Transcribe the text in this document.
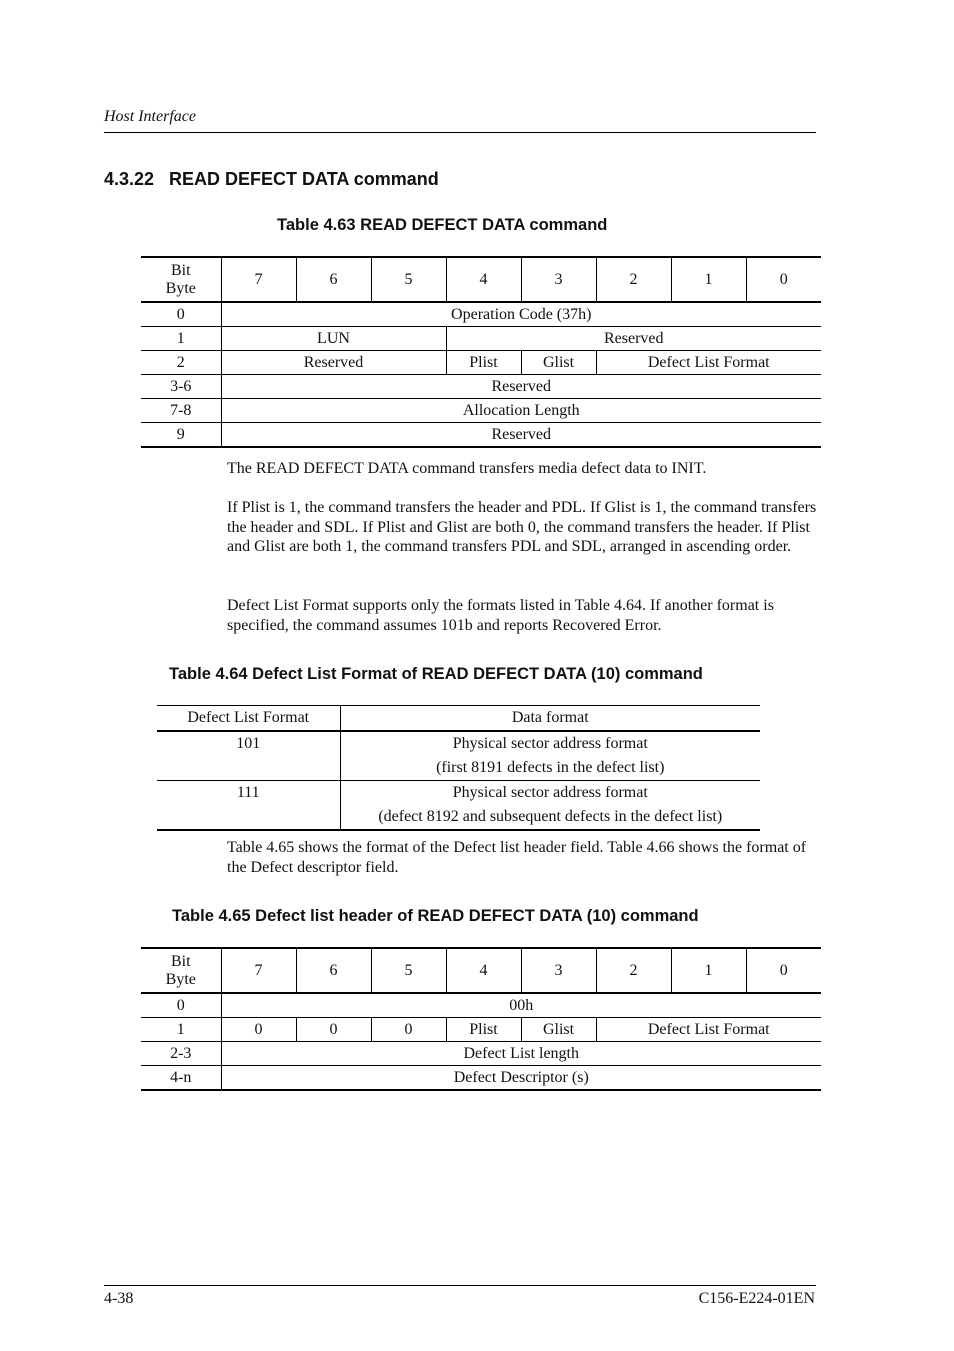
Host Interface
4.3.22   READ DEFECT DATA command
Table 4.63 READ DEFECT DATA command
Bit
Byte	7	6	5	4	3	2	1	0
0	Operation Code (37h)							
1	LUN			Reserved				
2	Reserved			Plist	Glist	Defect List Format		
3-6	Reserved							
7-8	Allocation Length							
9	Reserved							

The READ DEFECT DATA command transfers media defect data to INIT.

If Plist is 1, the command transfers the header and PDL. If Glist is 1, the command transfers the header and SDL. If Plist and Glist are both 0, the command transfers the header. If Plist and Glist are both 1, the command transfers PDL and SDL, arranged in ascending order.

Defect List Format supports only the formats listed in Table 4.64. If another format is specified, the command assumes 101b and reports Recovered Error.

Table 4.64 Defect List Format of READ DEFECT DATA (10) command
Defect List Format	Data format
101	Physical sector address format
(first 8191 defects in the defect list)
111	Physical sector address format
(defect 8192 and subsequent defects in the defect list)

Table 4.65 shows the format of the Defect list header field. Table 4.66 shows the format of the Defect descriptor field.

Table 4.65 Defect list header of READ DEFECT DATA (10) command
Bit
Byte	7	6	5	4	3	2	1	0
0	00h							
1	0	0	0	Plist	Glist	Defect List Format		
2-3	Defect List length							
4-n	Defect Descriptor (s)							
4-38	C156-E224-01EN
